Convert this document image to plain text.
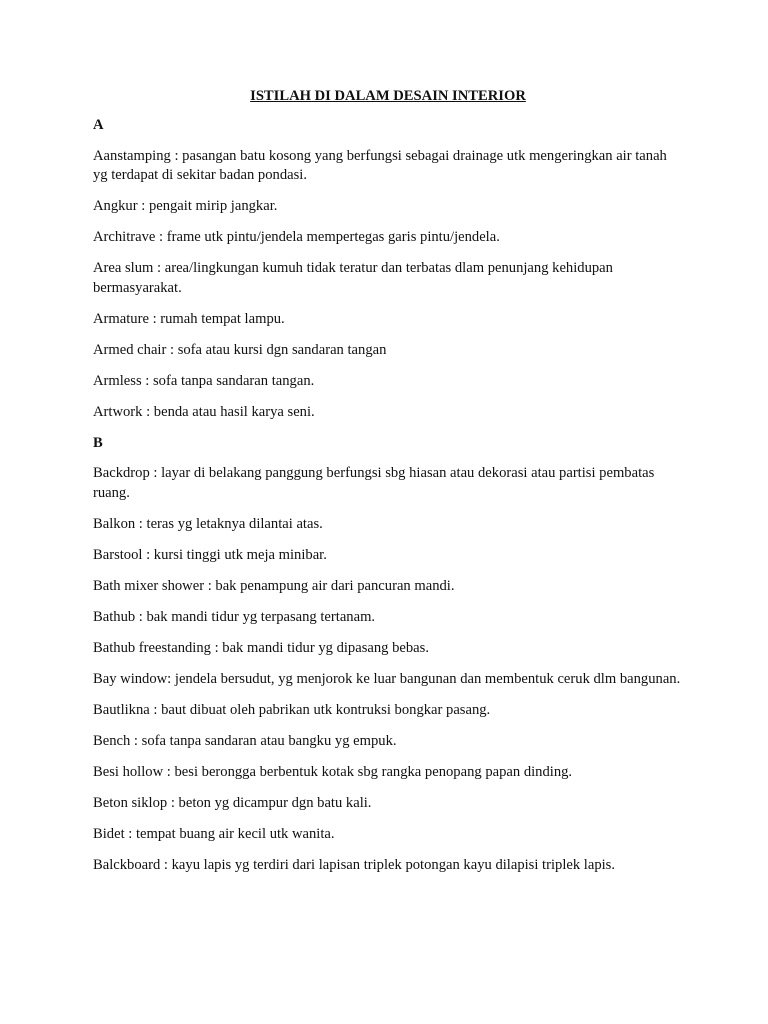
ISTILAH DI DALAM DESAIN INTERIOR
A
Aanstamping : pasangan batu kosong yang berfungsi sebagai drainage utk mengeringkan air tanah yg terdapat di sekitar badan pondasi.
Angkur : pengait mirip jangkar.
Architrave : frame utk pintu/jendela mempertegas garis pintu/jendela.
Area slum : area/lingkungan kumuh tidak teratur dan terbatas dlam penunjang kehidupan bermasyarakat.
Armature : rumah tempat lampu.
Armed chair : sofa atau kursi dgn sandaran tangan
Armless : sofa tanpa sandaran tangan.
Artwork : benda atau hasil karya seni.
B
Backdrop : layar di belakang panggung berfungsi sbg hiasan atau dekorasi atau partisi pembatas ruang.
Balkon : teras yg letaknya dilantai atas.
Barstool : kursi tinggi utk meja minibar.
Bath mixer shower : bak penampung air dari pancuran mandi.
Bathub : bak mandi tidur yg terpasang tertanam.
Bathub freestanding : bak mandi tidur yg dipasang bebas.
Bay window: jendela bersudut, yg menjorok ke luar bangunan dan membentuk ceruk dlm bangunan.
Bautlikna : baut dibuat oleh pabrikan utk kontruksi bongkar pasang.
Bench : sofa tanpa sandaran atau bangku yg empuk.
Besi hollow : besi berongga berbentuk kotak sbg rangka penopang papan dinding.
Beton siklop : beton yg dicampur dgn batu kali.
Bidet : tempat buang air kecil utk wanita.
Balckboard : kayu lapis yg terdiri dari lapisan triplek potongan kayu dilapisi triplek lapis.
